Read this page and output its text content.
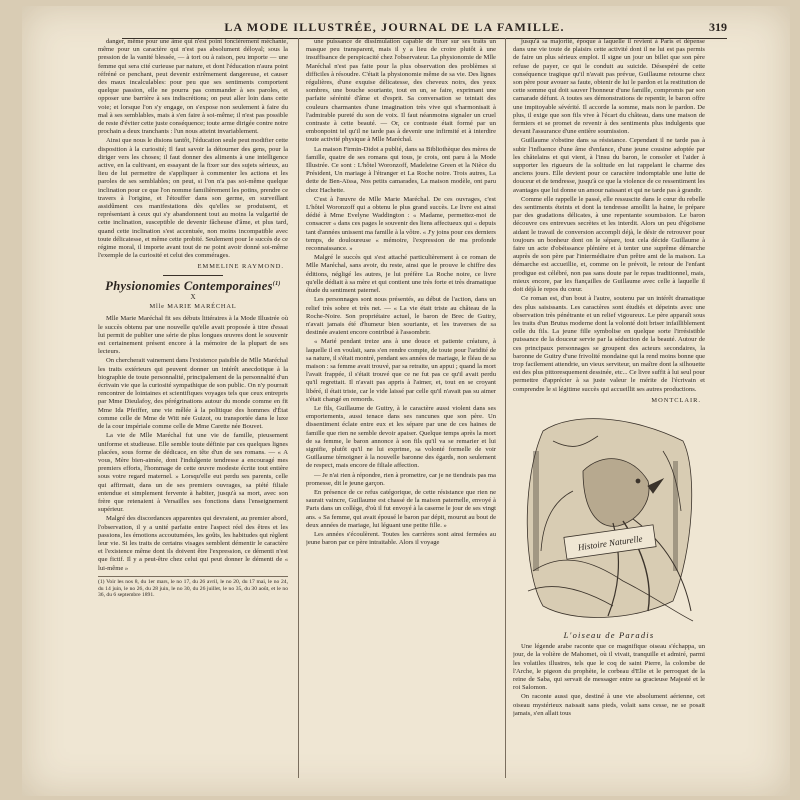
LA MODE ILLUSTRÉE, JOURNAL DE LA FAMILLE.	319

danger, même pour une âme qui n'est point foncièrement méchante, même pour un caractère qui n'est pas absolument déloyal; sous la pression de la vanité blessée, — à tort ou à raison, peu importe — une femme qui sera cité curieuse par nature, et dont l'éducation n'aura point réfréné ce penchant, peut devenir extrêmement dangereuse, et causer des maux incalculables: pour peu que ses sentiments comportent quelque passion, elle ne pourra pas commander à ses paroles, et opposer une barrière à ses indiscrétions; on peut aller loin dans cette voie; et lorsque l'on s'y engage, on s'expose non seulement à faire du mal à ses semblables, mais à s'en faire à soi-même; il n'est pas possible de reste d'éviter cette juste conséquence; toute arme dirigée contre notre prochain a deux tranchants : l'un nous atteint invariablement.

Ainsi que nous le disions tantôt, l'éducation seule peut modifier cette disposition à la curiosité; Il faut savoir la détourner des gens, pour la diriger vers les choses; il faut donner des aliments à une intelligence active, en la cultivant, en essayant de la fixer sur des sujets sérieux, au lieu de lui permettre de s'appliquer à commenter les actions et les paroles de ses semblables; on peut, si l'on n'a pas soi-même quelque inclination pour ce que l'on nomme familièrement les potins, prendre ce travers à l'origine, et l'étouffer dans son germe, en surveillant assidûment ces manifestations dès qu'elles se produisent, et représentant à ceux qui s'y abandonnent tout au moins la vulgarité de cette inclination, susceptible de devenir fâcheuse d'âme, et plus tard, quand cette inclination s'est accentuée, non moins incompatible avec toute délicatesse, et même cette probité. Seulement pour le succès de ce régime moral, il importe avant tout de ne point avoir donné soi-même l'exemple de la curiosité et celui des commérages.

EMMELINE RAYMOND.
Physionomies Contemporaines$^{(1)}$
X
Mlle MARIE MARÉCHAL

Mlle Marie Maréchal fit ses débuts littéraires à la Mode Illustrée où le succès obtenu par une nouvelle qu'elle avait proposée à titre d'essai lui permit de publier une série de plus longues œuvres dont le souvenir est certainement présent encore à la mémoire de la plupart de ses lecteurs.

On chercherait vainement dans l'existence paisible de Mlle Maréchal les traits extérieurs qui peuvent donner un intérêt anecdotique à la biographie de toute personnalité, principalement de la personnalité d'un écrivain vie que la curiosité sympathique de son public. On n'y pourrait rencontrer de lointaines et scientifiques voyages tels que ceux entrepris par Mme Dieulafoy, des pérégrinations autour du monde comme en fit Mme Ida Pfeiffer, une vie mêlée à la politique des hommes d'État comme celle de Mme de Witt née Guizot, ou transportée dans le luxe de la cour impériale comme celle de Mme Carette née Bouvet.

La vie de Mlle Maréchal fut une vie de famille, pieusement uniforme et studieuse. Elle semble toute définie par ces quelques lignes placées, sous forme de dédicace, en tête d'un de ses romans. — « A vous, Mère bien-aimée, dont l'indulgente tendresse a encouragé mes premiers efforts, l'hommage de cette œuvre modeste écrite tout entière sous votre regard maternel. » Lorsqu'elle eut perdu ses parents, celle qui affirmait, dans un de ses premiers ouvrages, sa piété filiale entendue et simplement fervente à habiter, jusqu'à sa mort, avec son frère que retenaient à Versailles ses fonctions dans l'enseignement supérieur.

Malgré des discordances apparentes qui devraient, au premier abord, l'observation, il y a unité parfaite entre l'aspect réel des êtres et les passions, les émotions accoutumées, les goûts, les habitudes qui règlent leur vie. Si les traits de certains visages semblent démentir le caractère et l'existence même dont ils doivent être l'expression, ce démenti n'est que fictif. Il y a peut-être chez celui qui peut donner le démenti de « lui-même »

(1) Voir les nos 8, du 1er mars, le no 17, du 26 avril, le no 20, du 17 mai, le no 24, du 14 juin, le no 26, du 28 juin, le no 30, du 26 juillet, le no 35, du 30 août, et le no 36, du 6 septembre 1891.

une puissance de dissimulation capable de fixer sur ses traits un masque peu transparent, mais il y a lieu de croire plutôt à une insuffisance de perspicacité chez l'observateur. La physionomie de Mlle Maréchal n'est pas faite pour la plus observation des problèmes si difficiles à résoudre. C'était la physionomie même de sa vie. Des lignes régulières, d'une exquise délicatesse, des cheveux noirs, des yeux sombres, une bouche souriante, tout en un, se faire, exprimant une parfaite sérénité d'âme et d'esprit. Sa conversation se teintait des couleurs charmantes d'une imagination très vive qui s'harmonisait à l'admirable pureté du son de voix. Il faut néanmoins signaler un cruel contraste à cette beauté. — Or, ce contraste était formé par un embonpoint tel qu'il ne tarde pas à devenir une infirmité et à interdire toute activité physique à Mlle Maréchal.

La maison Firmin-Didot a publié, dans sa Bibliothèque des mères de famille, quatre de ses romans qui tous, je crois, ont paru à la Mode Illustrée. Ce sont : L'hôtel Woronzoff, Madeleine Green et la Nièce du Président, Un mariage à l'étranger et La Roche noire. Trois autres, La dette de Ben-Aïssa, Nos petits camarades, La maison modèle, ont paru chez Hachette.

C'est à l'œuvre de Mlle Marie Maréchal. De ces ouvrages, c'est L'hôtel Woronzoff qui a obtenu le plus grand succès. Le livre est ainsi dédié à Mme Evelyne Waddington : « Madame, permettez-moi de consacrer « dans ces pages le souvenir des liens affectueux qui « depuis tant d'années unissent ma famille à la vôtre. « J'y joins pour ces derniers temps, de douloureuse « mémoire, l'expression de ma profonde reconnaissance. »

Malgré le succès qui s'est attaché particulièrement à ce roman de Mlle Maréchal, sans avoir, du reste, ainsi que le prouve le chiffre des éditions, négligé les autres, je lui préfère La Roche noire, ce livre qu'elle dédiait à sa mère et qui contient une très forte et très dramatique étude du sentiment paternel.

Les personnages sont nous présentés, au début de l'action, dans un relief très sobre et très net. — « La vie était triste au château de la Roche-Noire. Son propriétaire actuel, le baron de Brec de Guitry, n'avait jamais été d'humeur bien souriante, et les traverses de sa destinée avaient encore contribué à l'assombrir.

« Marié pendant treize ans à une douce et patiente créature, à laquelle il en voulait, sans s'en rendre compte, de toute pour l'aridité de sa nature, il s'était montré, pendant ses années de mariage, le fléau de sa maison : sa femme avait trouvé, par sa retraite, un appui ; quand la mort l'avait frappée, il s'était trouvé que ce ne fut pas ce qu'il avait perdu qu'il regrettait. Il n'avait pas appris à l'aimer, et, tout en se croyant libéré, il était triste, car le vide laissé par celle qu'il n'avait pas su aimer s'était changé en remords.

Le fils, Guillaume de Guitry, à le caractère aussi violent dans ses emportements, aussi tenace dans ses rancunes que son père. Un dissentiment éclate entre eux et les sépare par une de ces haines de famille que rien ne semble devoir apaiser. Quelque temps après la mort de sa femme, le baron annonce à son fils qu'il va se remarier et lui signifie, plutôt qu'il ne lui exprime, sa volonté formelle de voir Guillaume témoigner à la nouvelle baronne des égards, non seulement de respect, mais encore de filiale affection.

— Je n'ai rien à répondre, rien à promettre, car je ne tiendrais pas ma promesse, dit le jeune garçon.

En présence de ce refus catégorique, de cette résistance que rien ne saurait vaincre, Guillaume est chassé de la maison paternelle, envoyé à Paris dans un collège, d'où il fut envoyé à la caserne le jour de ses vingt ans. « Sa femme, qui avait épousé le baron par dépit, mourut au bout de deux années de mariage, lui léguant une petite fille. »

Les années s'écoulèrent. Toutes les carrières sont ainsi fermées au jeune baron par ce père intraitable. Alors il voyage

jusqu'à sa majorité, époque à laquelle il revient à Paris et dépense dans une vie toute de plaisirs cette activité dont il ne lui est pas permis de faire un plus sérieux emploi. Il signe un jour un billet que son père refuse de payer, ce qui le conduit au suicide. Désespéré de cette conséquence tragique qu'il n'avait pas prévue, Guillaume retourne chez son père pour avouer sa faute, obtenir de lui le pardon et la restitution de cette somme qui doit sauver l'honneur d'une famille, compromis par son camarade défunt. A toutes ses démonstrations de repentir, le baron offre une impitoyable sévérité. Il accorde la somme, mais non le pardon. De plus, il exige que son fils vive à l'écart du château, dans une maison de fermiers et se promet de revenir à des sentiments plus indulgents que devant l'assurance d'une entière soumission.

Guillaume s'obstine dans sa résistance. Cependant il ne tarde pas à subir l'influence d'une âme d'enfance, d'une jeune cousine adoptée par les châtelains et qui vient, à l'insu du baron, le consoler et l'aider à supporter les rigueurs de la solitude en lui rappelant le charme des anciens jours. Elle devient pour ce caractère indomptable une lutte de douceur et de tendresse, jusqu'à ce que la violence de ce ressentiment les avantages que lui donne un amour naissant et qui ne tarde pas à grandir.

Comme elle rappelle le passé, elle ressuscite dans le cœur du rebelle des sentiments éteints et dont la tendresse amollit la haine, le prépare par des gradations délicates, à une repentante soumission. Le baron découvre ces entrevues secrètes et les interdit. Alors un peu d'égoïsme aidant le travail de conversion accompli déjà, le désir de retrouver pour toujours un bonheur dont on le sépare, tout cela décide Guillaume à faire un acte d'obéissance plénière et à tenter une suprême démarche auprès de son père par l'intermédiaire d'un prêtre ami de la maison. La démarche est accueillie, et, comme on le prévoit, le retour de l'enfant prodigue est célébré, non pas sans doute par le repas traditionnel, mais, mieux encore, par les fiançailles de Guillaume avec celle à laquelle il doit déjà le repos du cœur.

Ce roman est, d'un bout à l'autre, soutenu par un intérêt dramatique des plus saisissants. Les caractères sont étudiés et dépeints avec une observation très pénétrante et un relief vigoureux. Le père apparaît sous les traits d'un Brutus moderne dont la volonté doit briser infailliblement celle du fils. La jeune fille symbolise en quelque sorte l'irrésistible puissance de la douceur servie par la séduction de la beauté. Autour de ces principaux personnages se groupent des acteurs secondaires, la baronne de Guitry d'une frivolité mondaine qui la rend moins bonne que trop facilement attendrie, un vieux serviteur, un maître dont la silhouette est des plus pittoresquement dessinée, etc... Ce livre suffit à lui seul pour permettre d'apprécier à sa juste valeur le mérite de l'écrivain et comprendre le si légitime succès qui accueillit ses autres productions.

MONTCLAIR.
Histoire Naturelle
L'oiseau de Paradis

Une légende arabe raconte que ce magnifique oiseau s'échappa, un jour, de la volière de Mahomet, où il vivait, tranquille et admiré, parmi les volatiles illustres, tels que le coq de saint Pierre, la colombe de l'Arche, le pigeon du prophète, le corbeau d'Elie et le perroquet de la reine de Saba, qui servait de messager entre sa gracieuse Majesté et le roi Salomon.

On raconte aussi que, destiné à une vie absolument aérienne, cet oiseau mystérieux naissait sans pieds, volait sans cesse, ne se posait jamais, s'en allait tous
